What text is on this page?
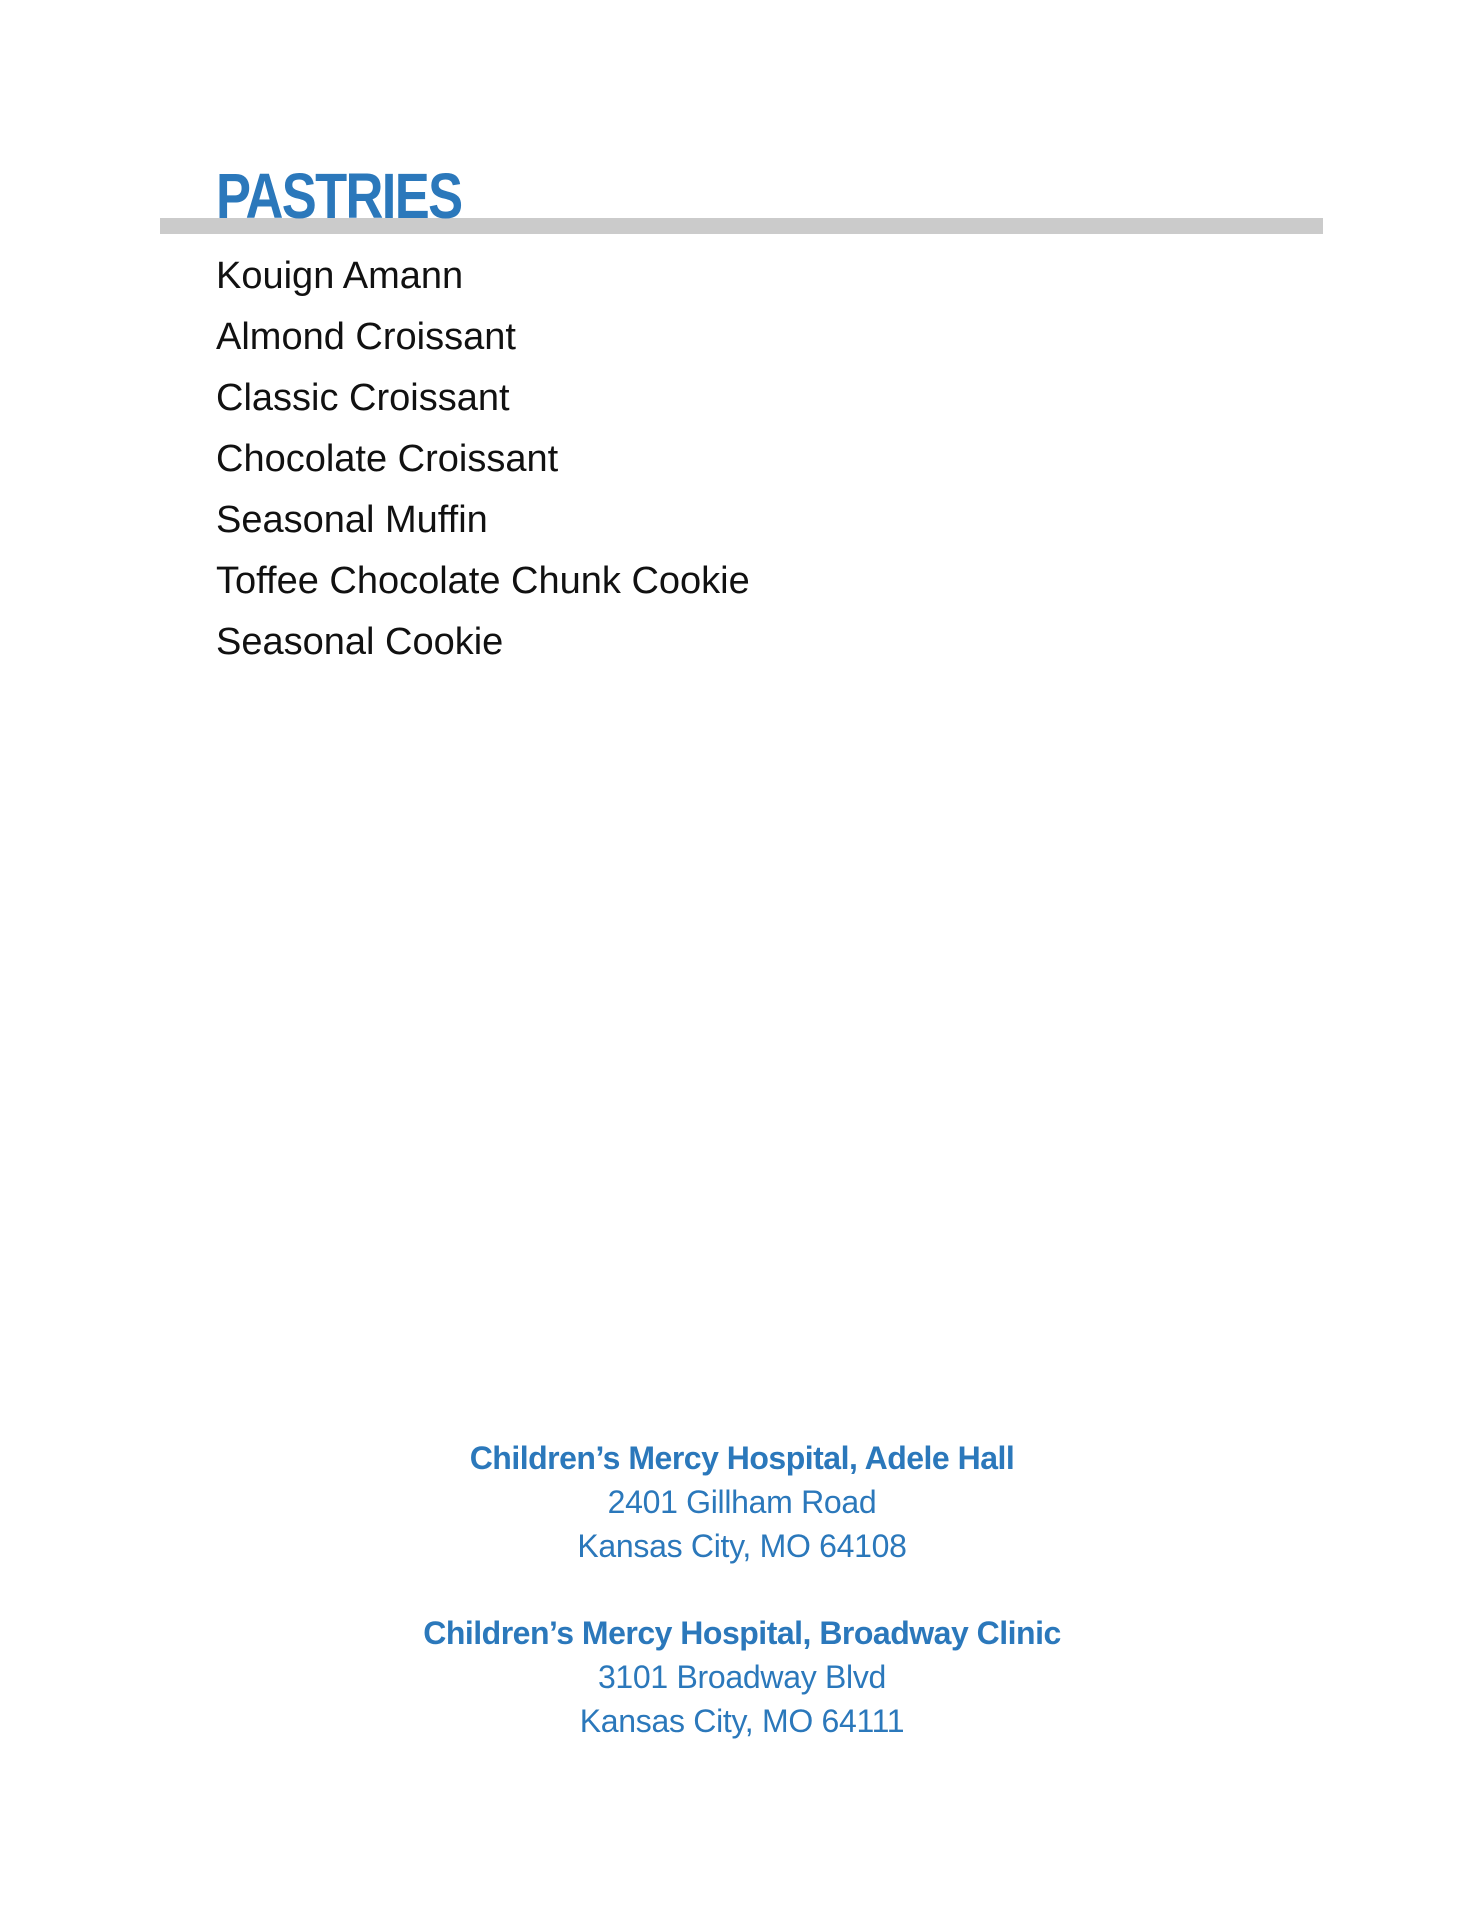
PASTRIES
Kouign Amann
Almond Croissant
Classic Croissant
Chocolate Croissant
Seasonal Muffin
Toffee Chocolate Chunk Cookie
Seasonal Cookie
Children’s Mercy Hospital, Adele Hall
2401 Gillham Road
Kansas City, MO 64108
Children’s Mercy Hospital, Broadway Clinic
3101 Broadway Blvd
Kansas City, MO 64111
